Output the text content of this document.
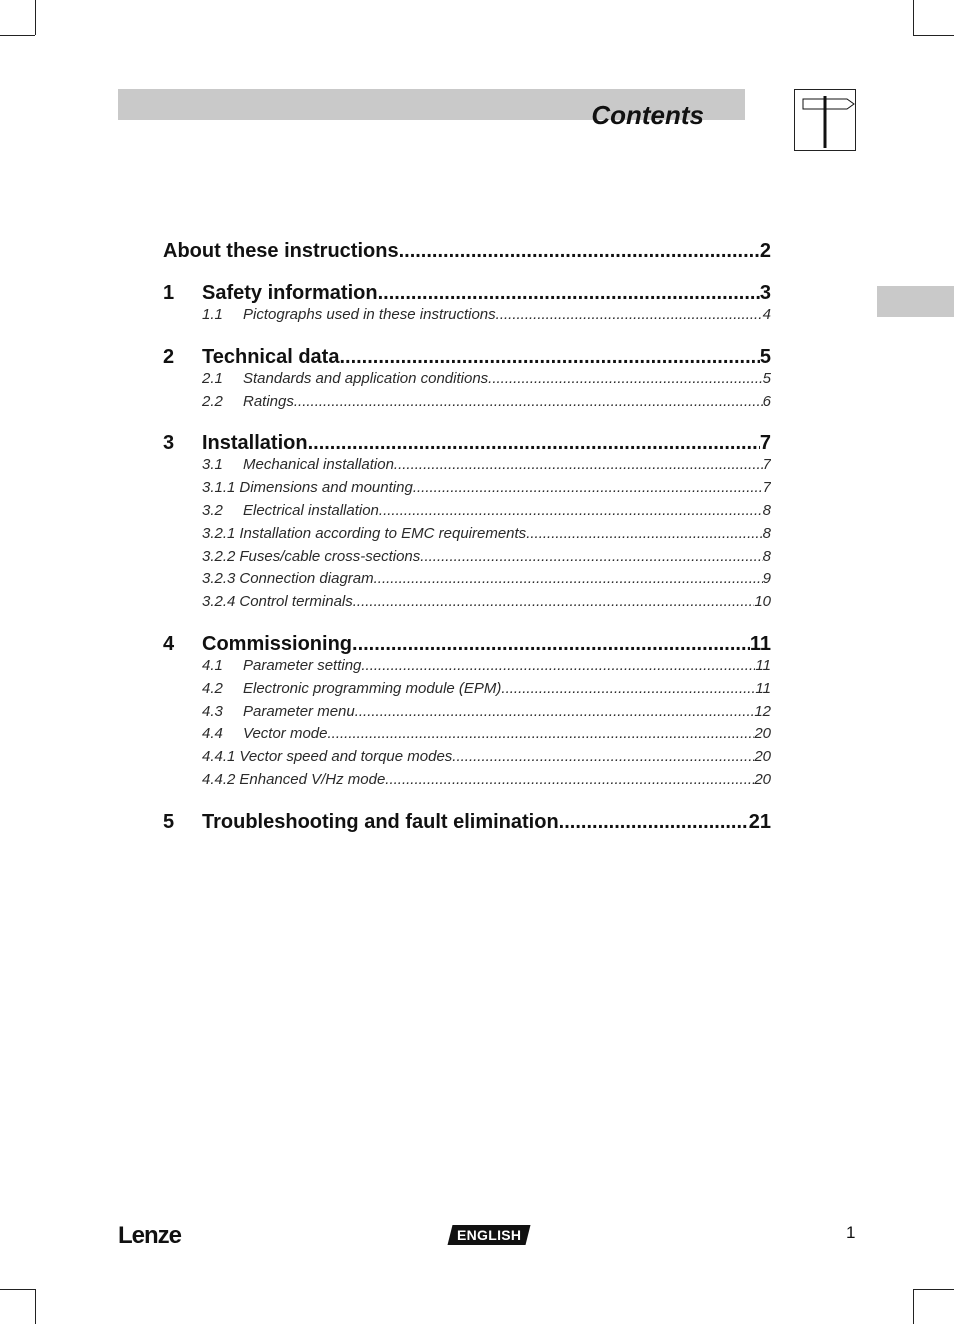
Contents
About these instructions .....	2
1	Safety information .....	3
1.1	Pictographs used in these instructions .....	4
2	Technical data .....	5
2.1	Standards and application conditions .....	5
2.2	Ratings .....	6
3	Installation .....	7
3.1	Mechanical installation .....	7
3.1.1 Dimensions and mounting .....	7
3.2	Electrical installation .....	8
3.2.1 Installation according to EMC requirements .....	8
3.2.2 Fuses/cable cross-sections .....	8
3.2.3 Connection diagram .....	9
3.2.4 Control terminals .....	10
4	Commissioning .....	11
4.1	Parameter setting .....	11
4.2	Electronic programming module (EPM) .....	11
4.3	Parameter menu .....	12
4.4	Vector mode .....	20
4.4.1 Vector speed and torque modes .....	20
4.4.2 Enhanced V/Hz mode .....	20
5	Troubleshooting and fault elimination .....	21
Lenze	ENGLISH	1
